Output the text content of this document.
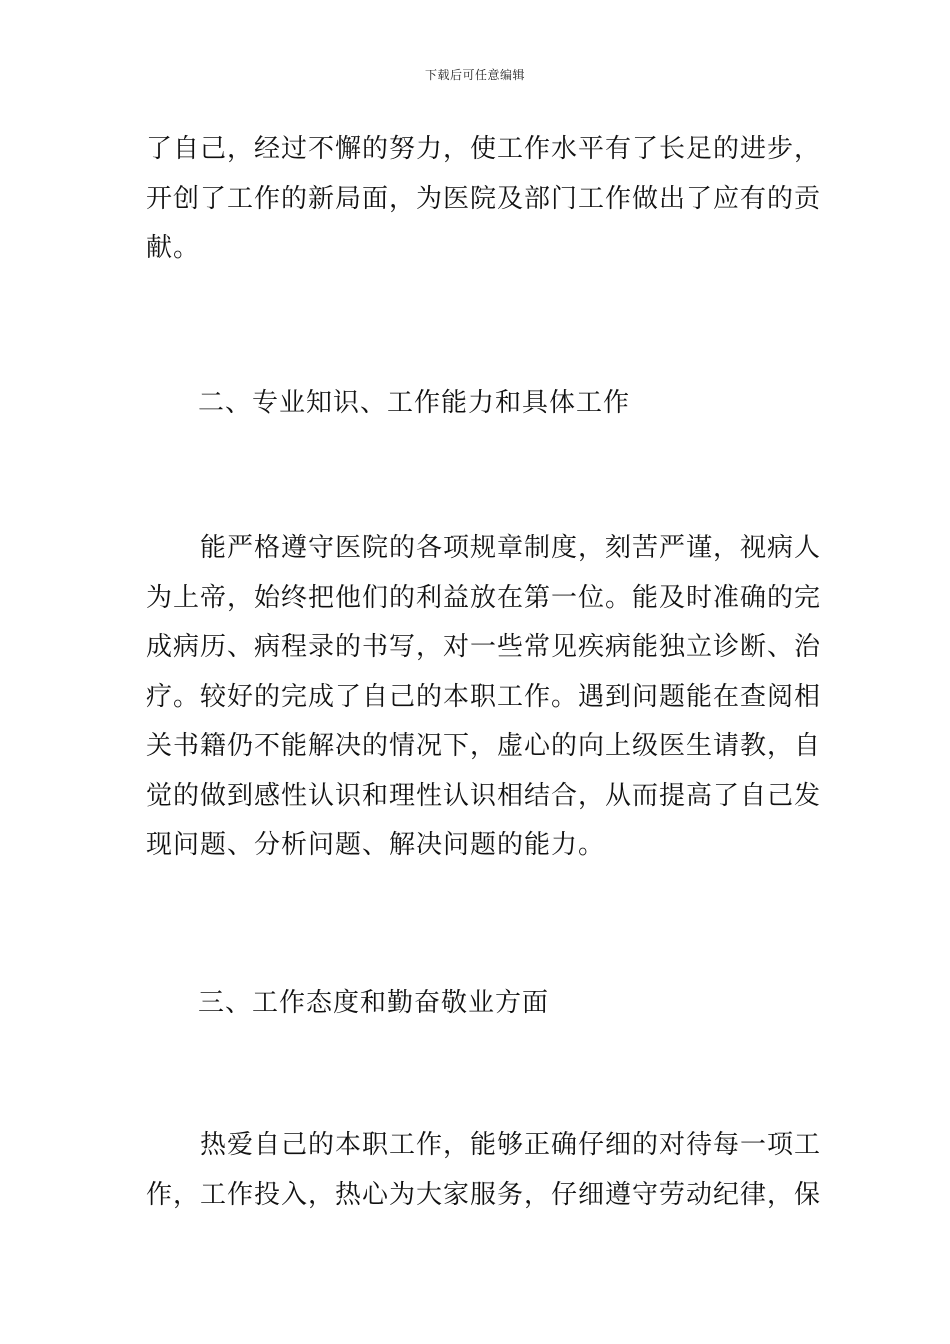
下载后可任意编辑
了自己，经过不懈的努力，使工作水平有了长足的进步，
开创了工作的新局面，为医院及部门工作做出了应有的贡
献。
二、专业知识、工作能力和具体工作
　　能严格遵守医院的各项规章制度，刻苦严谨，视病人
为上帝，始终把他们的利益放在第一位。能及时准确的完
成病历、病程录的书写，对一些常见疾病能独立诊断、治
疗。较好的完成了自己的本职工作。遇到问题能在查阅相
关书籍仍不能解决的情况下，虚心的向上级医生请教，自
觉的做到感性认识和理性认识相结合，从而提高了自己发
现问题、分析问题、解决问题的能力。
三、工作态度和勤奋敬业方面
　　热爱自己的本职工作，能够正确仔细的对待每一项工
作，工作投入，热心为大家服务，仔细遵守劳动纪律，保
